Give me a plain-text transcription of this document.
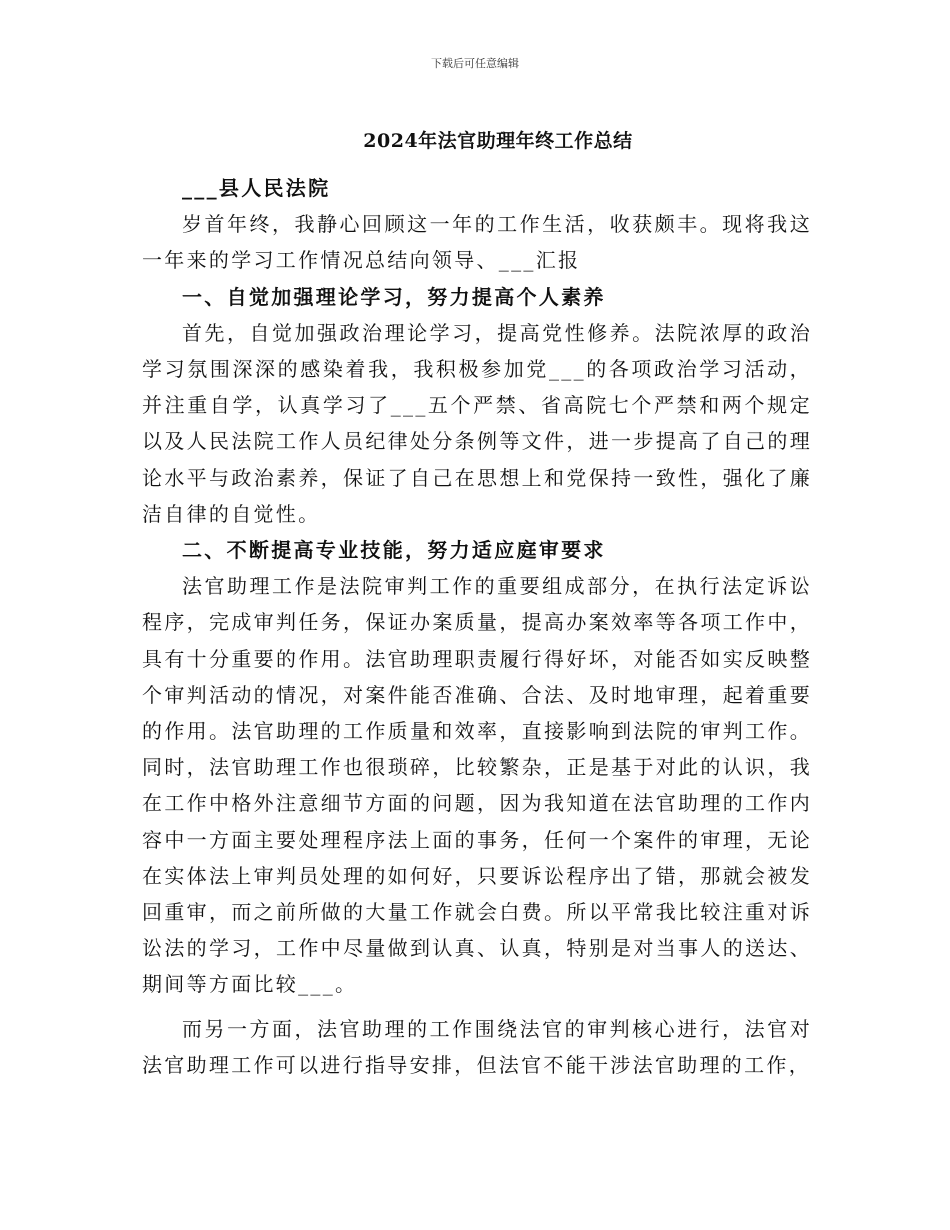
下载后可任意编辑
2024年法官助理年终工作总结

___县人民法院

岁首年终，我静心回顾这一年的工作生活，收获颇丰。现将我这一年来的学习工作情况总结向领导、___汇报

一、自觉加强理论学习，努力提高个人素养

首先，自觉加强政治理论学习，提高党性修养。法院浓厚的政治学习氛围深深的感染着我，我积极参加党___的各项政治学习活动，并注重自学，认真学习了___五个严禁、省高院七个严禁和两个规定以及人民法院工作人员纪律处分条例等文件，进一步提高了自己的理论水平与政治素养，保证了自己在思想上和党保持一致性，强化了廉洁自律的自觉性。

二、不断提高专业技能，努力适应庭审要求

法官助理工作是法院审判工作的重要组成部分，在执行法定诉讼程序，完成审判任务，保证办案质量，提高办案效率等各项工作中，具有十分重要的作用。法官助理职责履行得好坏，对能否如实反映整个审判活动的情况，对案件能否准确、合法、及时地审理，起着重要的作用。法官助理的工作质量和效率，直接影响到法院的审判工作。同时，法官助理工作也很琐碎，比较繁杂，正是基于对此的认识，我在工作中格外注意细节方面的问题，因为我知道在法官助理的工作内容中一方面主要处理程序法上面的事务，任何一个案件的审理，无论在实体法上审判员处理的如何好，只要诉讼程序出了错，那就会被发回重审，而之前所做的大量工作就会白费。所以平常我比较注重对诉讼法的学习，工作中尽量做到认真、认真，特别是对当事人的送达、期间等方面比较___。

而另一方面，法官助理的工作围绕法官的审判核心进行，法官对法官助理工作可以进行指导安排，但法官不能干涉法官助理的工作，
